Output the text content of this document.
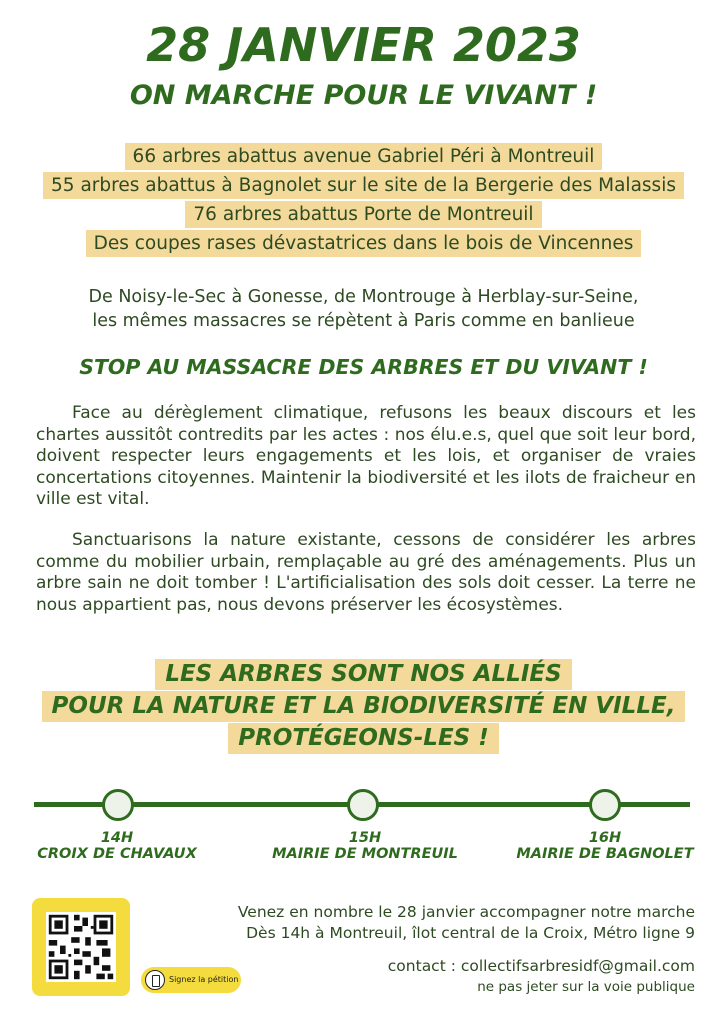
28 JANVIER 2023
ON MARCHE POUR LE VIVANT !
66 arbres abattus avenue Gabriel Péri à Montreuil
55 arbres abattus à Bagnolet sur le site de la Bergerie des Malassis
76 arbres abattus Porte de Montreuil
Des coupes rases dévastatrices dans le bois de Vincennes
De Noisy-le-Sec à Gonesse, de Montrouge à Herblay-sur-Seine,
les mêmes massacres se répètent à Paris comme en banlieue
STOP AU MASSACRE DES ARBRES ET DU VIVANT !
Face au dérèglement climatique, refusons les beaux discours et les chartes aussitôt contredits par les actes : nos élu.e.s, quel que soit leur bord, doivent respecter leurs engagements et les lois, et organiser de vraies concertations citoyennes. Maintenir la biodiversité et les ilots de fraicheur en ville est vital.
Sanctuarisons la nature existante, cessons de considérer les arbres comme du mobilier urbain, remplaçable au gré des aménagements. Plus un arbre sain ne doit tomber ! L'artificialisation des sols doit cesser. La terre ne nous appartient pas, nous devons préserver les écosystèmes.
LES ARBRES SONT NOS ALLIÉS
POUR LA NATURE ET LA BIODIVERSITÉ EN VILLE,
PROTÉGEONS-LES !
14H
CROIX DE CHAVAUX
15H
MAIRIE DE MONTREUIL
16H
MAIRIE DE BAGNOLET
Signez la pétition
Venez en nombre le 28 janvier accompagner notre marche
Dès 14h à Montreuil, îlot central de la Croix, Métro ligne 9
contact : collectifsarbresidf@gmail.com
ne pas jeter sur la voie publique
